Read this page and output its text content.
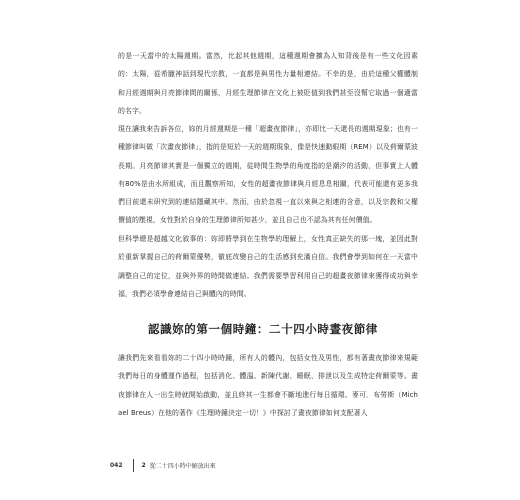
的是一天當中的太陽週期。當然，比起其他週期，這種週期會擴為人知背後是有一些文化因素的：太陽，從希臘神話到現代宗教，一直都是與男性力量相連結。不幸的是，由於這種父權體制和月經週期與月亮節律間的關係，月經生理節律在文化上被貶值到我們甚至沒幫它取過一個適當的名字。

現在讓我來告訴各位，妳的月經週期是一種「超畫夜節律」，亦即比一天還長的週期現象；也有一種節律叫做「次畫夜節律」，指的是短於一天的週期現象，像是快速動眼期（REM）以及荷爾蒙波長期。月亮節律其實是一個獨立的週期，從時間生物學的角度指的是潮汐的活動，但事實上人體有80%是由水所組成，而且觀察所知，女性的超畫夜節律與月經息息相關，代表可能還有更多我們目前還未研究到的連結隱藏其中。然而，由於忽視一直以來與之相連的含意，以及宗教和父權價值的壓視，女性對於自身的生理節律所知甚少，並且自己也不認為其有任何價值。

但科學總是超越文化敘事的：妳即將學到在生物學的理解上，女性真正缺失的那一塊，並因此對於重新掌握自己的荷爾蒙優勢，徹底改變自己的生活感到充滿自信。我們會學到如何在一天當中調整自己的定位，並與外界的時間做連結。我們需要學習利用自己的超畫夜節律來獲得成功與幸福，我們必須學會連結自己與體內的時間。

認識妳的第一個時鐘：二十四小時晝夜節律

讓我們先來看看妳的二十四小時時鐘，所有人的體內，包括女性及男性，都有著晝夜節律來規範我們每日的身體運作過程，包括消化、體溫、新陳代謝、睡眠、排泄以及生成特定荷爾蒙等。晝夜節律在人一出生時就開始啟動，並且終其一生都會不斷地進行每日循環。麥可．布勞斯（Michael Breus）在他的著作《生理時鐘決定一切！》中探討了晝夜節律如何支配著人

042	2 從二十四小時中解放出來
